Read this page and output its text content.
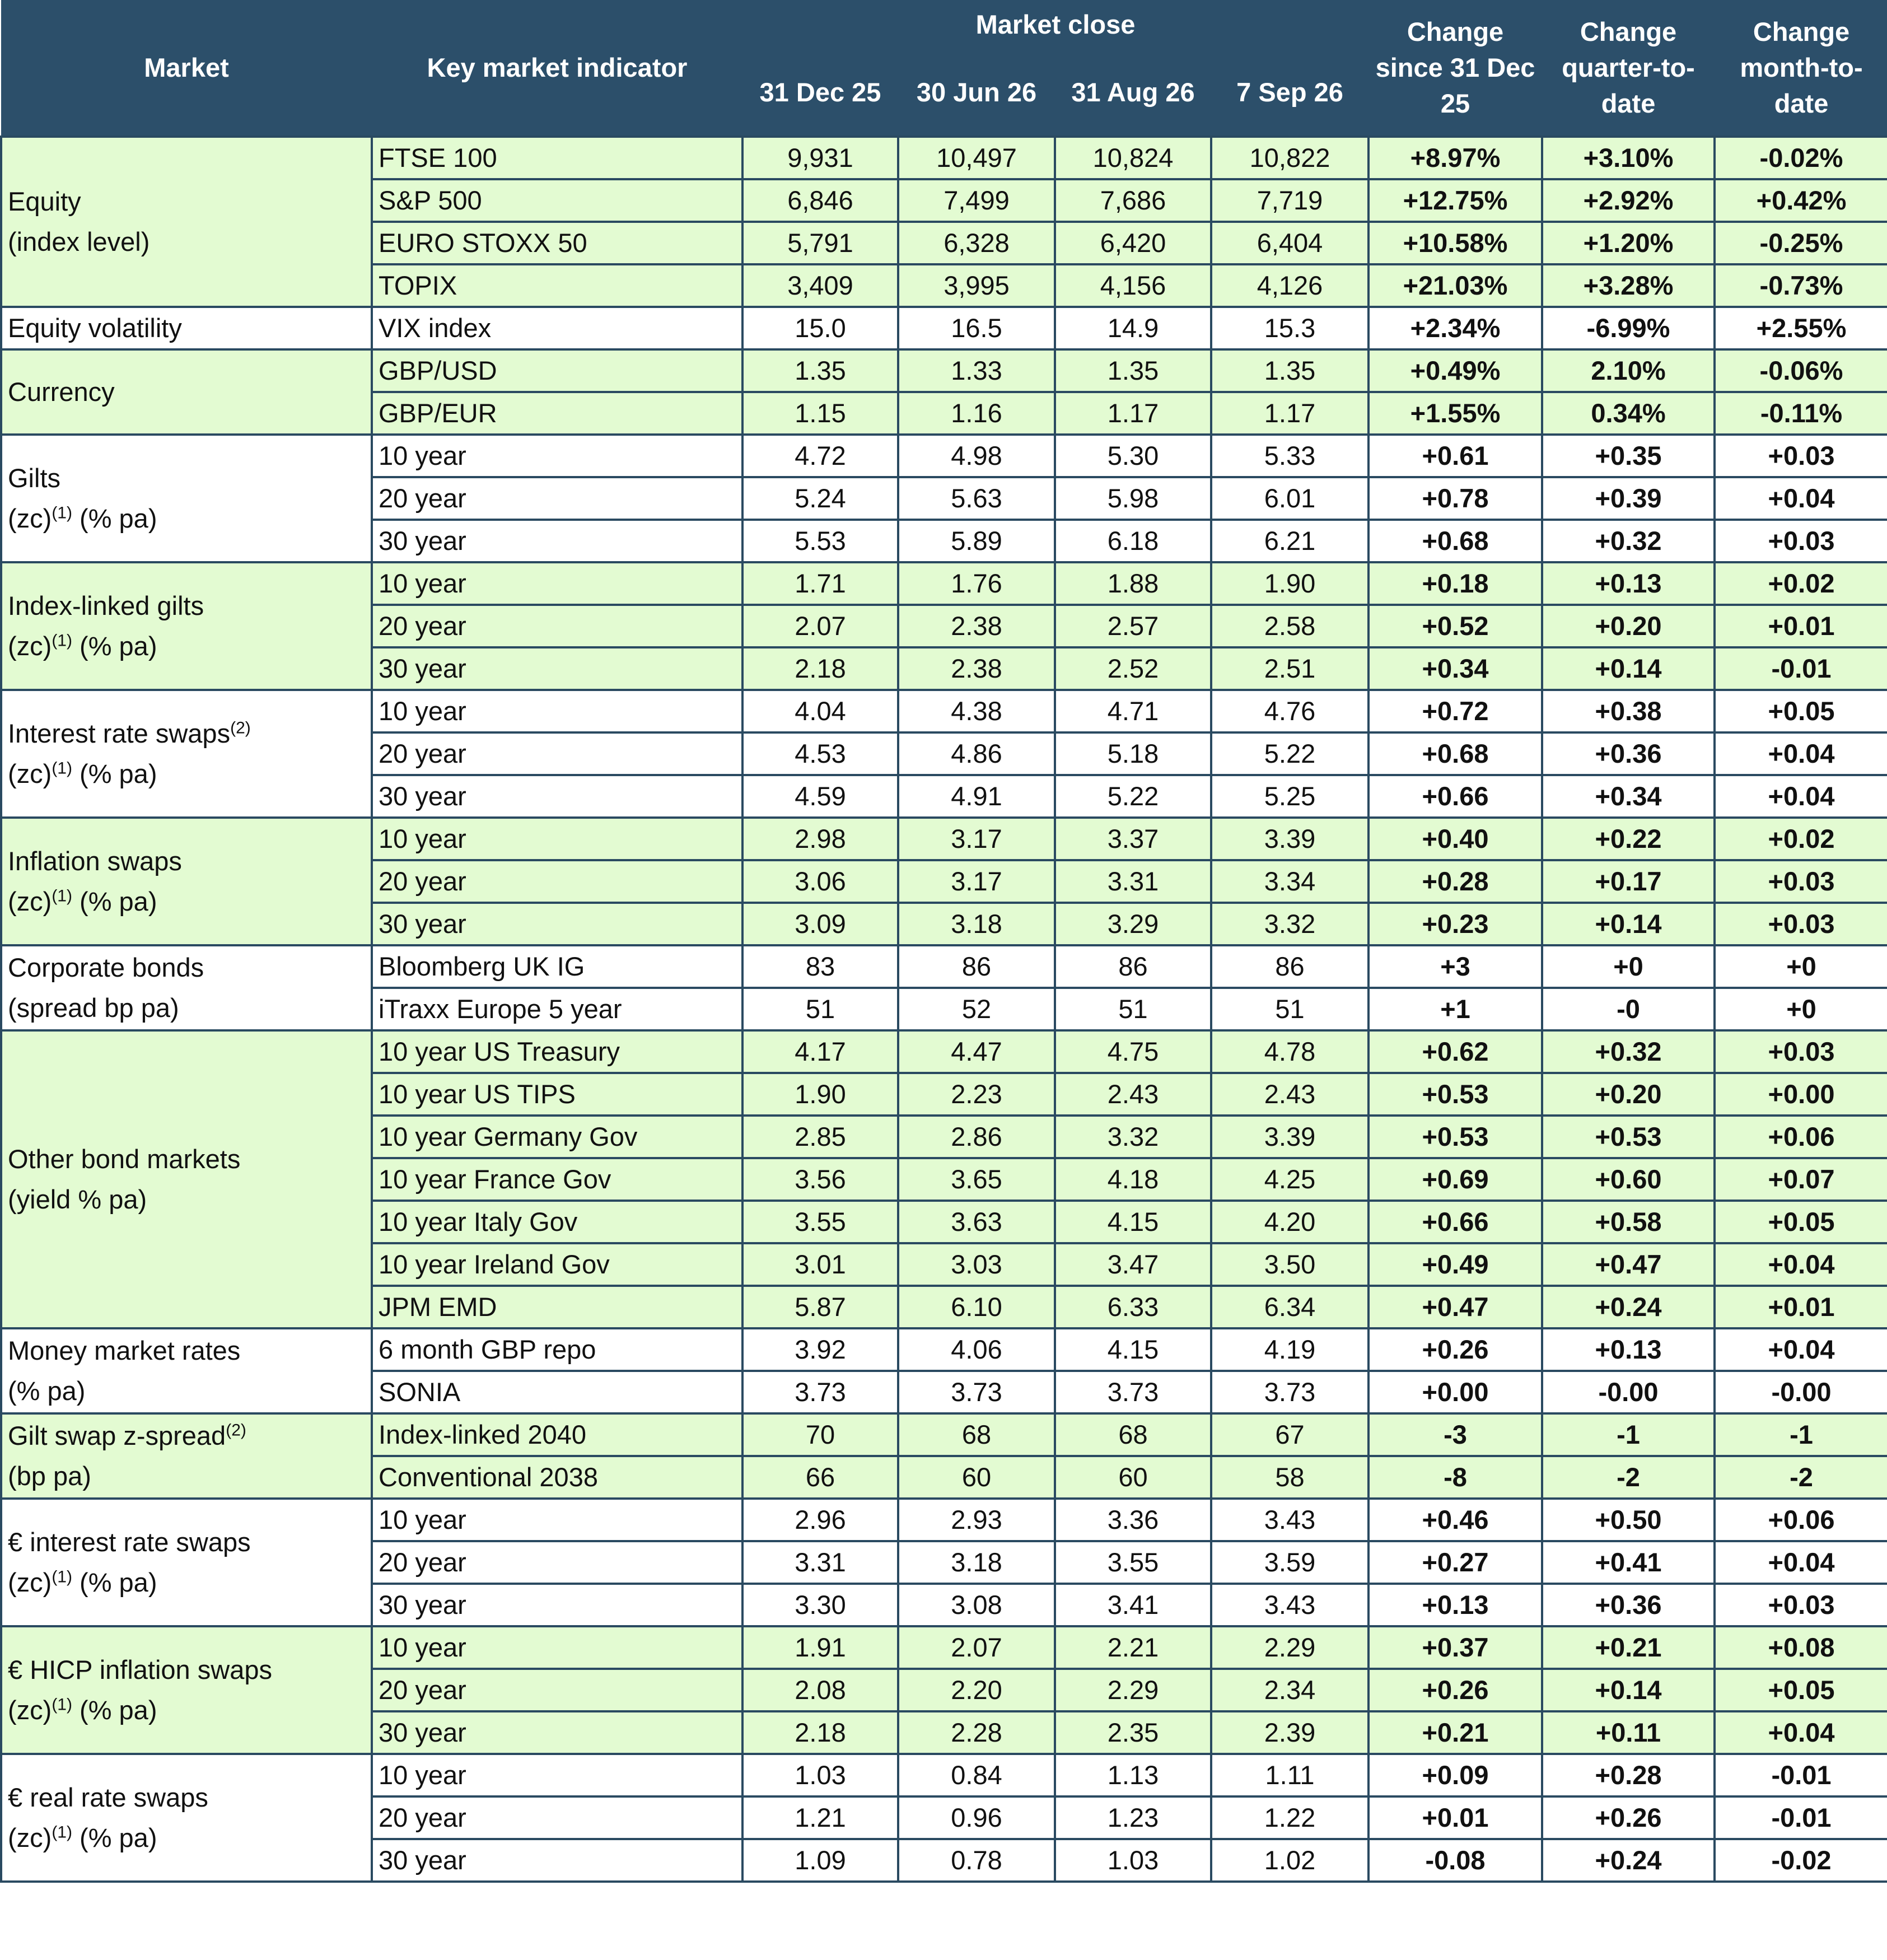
Market	Key market indicator	Market close				Change since 31 Dec 25	Change quarter-to-date	Change month-to-date
		31 Dec 25	30 Jun 26	31 Aug 26	7 Sep 26			

Equity
(index level)	FTSE 100	9,931	10,497	10,824	10,822	+8.97%	+3.10%	-0.02%
	S&P 500	6,846	7,499	7,686	7,719	+12.75%	+2.92%	+0.42%
	EURO STOXX 50	5,791	6,328	6,420	6,404	+10.58%	+1.20%	-0.25%
	TOPIX	3,409	3,995	4,156	4,126	+21.03%	+3.28%	-0.73%

Equity volatility	VIX index	15.0	16.5	14.9	15.3	+2.34%	-6.99%	+2.55%

Currency	GBP/USD	1.35	1.33	1.35	1.35	+0.49%	2.10%	-0.06%
	GBP/EUR	1.15	1.16	1.17	1.17	+1.55%	0.34%	-0.11%

Gilts
(zc)$^{(1)}$ (% pa)	10 year	4.72	4.98	5.30	5.33	+0.61	+0.35	+0.03
	20 year	5.24	5.63	5.98	6.01	+0.78	+0.39	+0.04
	30 year	5.53	5.89	6.18	6.21	+0.68	+0.32	+0.03

Index-linked gilts
(zc)$^{(1)}$ (% pa)	10 year	1.71	1.76	1.88	1.90	+0.18	+0.13	+0.02
	20 year	2.07	2.38	2.57	2.58	+0.52	+0.20	+0.01
	30 year	2.18	2.38	2.52	2.51	+0.34	+0.14	-0.01

Interest rate swaps$^{(2)}$
(zc)$^{(1)}$ (% pa)	10 year	4.04	4.38	4.71	4.76	+0.72	+0.38	+0.05
	20 year	4.53	4.86	5.18	5.22	+0.68	+0.36	+0.04
	30 year	4.59	4.91	5.22	5.25	+0.66	+0.34	+0.04

Inflation swaps
(zc)$^{(1)}$ (% pa)	10 year	2.98	3.17	3.37	3.39	+0.40	+0.22	+0.02
	20 year	3.06	3.17	3.31	3.34	+0.28	+0.17	+0.03
	30 year	3.09	3.18	3.29	3.32	+0.23	+0.14	+0.03

Corporate bonds
(spread bp pa)	Bloomberg UK IG	83	86	86	86	+3	+0	+0
	iTraxx Europe 5 year	51	52	51	51	+1	-0	+0

Other bond markets
(yield % pa)	10 year US Treasury	4.17	4.47	4.75	4.78	+0.62	+0.32	+0.03
	10 year US TIPS	1.90	2.23	2.43	2.43	+0.53	+0.20	+0.00
	10 year Germany Gov	2.85	2.86	3.32	3.39	+0.53	+0.53	+0.06
	10 year France Gov	3.56	3.65	4.18	4.25	+0.69	+0.60	+0.07
	10 year Italy Gov	3.55	3.63	4.15	4.20	+0.66	+0.58	+0.05
	10 year Ireland Gov	3.01	3.03	3.47	3.50	+0.49	+0.47	+0.04
	JPM EMD	5.87	6.10	6.33	6.34	+0.47	+0.24	+0.01

Money market rates
(% pa)	6 month GBP repo	3.92	4.06	4.15	4.19	+0.26	+0.13	+0.04
	SONIA	3.73	3.73	3.73	3.73	+0.00	-0.00	-0.00

Gilt swap z-spread$^{(2)}$
(bp pa)	Index-linked 2040	70	68	68	67	-3	-1	-1
	Conventional 2038	66	60	60	58	-8	-2	-2

€ interest rate swaps
(zc)$^{(1)}$ (% pa)	10 year	2.96	2.93	3.36	3.43	+0.46	+0.50	+0.06
	20 year	3.31	3.18	3.55	3.59	+0.27	+0.41	+0.04
	30 year	3.30	3.08	3.41	3.43	+0.13	+0.36	+0.03

€ HICP inflation swaps
(zc)$^{(1)}$ (% pa)	10 year	1.91	2.07	2.21	2.29	+0.37	+0.21	+0.08
	20 year	2.08	2.20	2.29	2.34	+0.26	+0.14	+0.05
	30 year	2.18	2.28	2.35	2.39	+0.21	+0.11	+0.04

€ real rate swaps
(zc)$^{(1)}$ (% pa)	10 year	1.03	0.84	1.13	1.11	+0.09	+0.28	-0.01
	20 year	1.21	0.96	1.23	1.22	+0.01	+0.26	-0.01
	30 year	1.09	0.78	1.03	1.02	-0.08	+0.24	-0.02
